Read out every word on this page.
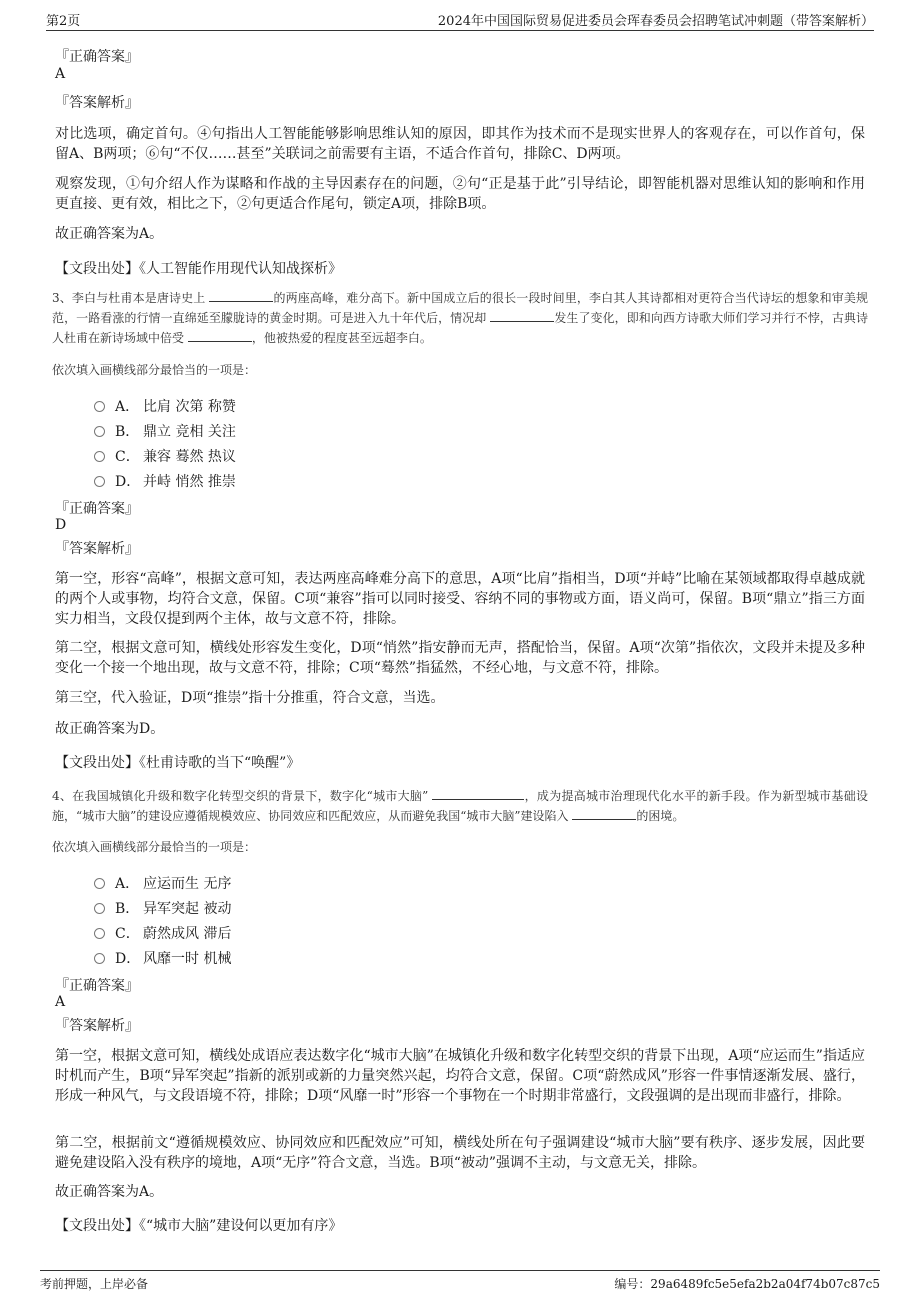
第2页	2024年中国国际贸易促进委员会珲春委员会招聘笔试冲刺题（带答案解析）
『正确答案』
A
『答案解析』
对比选项，确定首句。④句指出人工智能能够影响思维认知的原因，即其作为技术而不是现实世界人的客观存在，可以作首句，保留A、B两项；⑥句“不仅……甚至”关联词之前需要有主语，不适合作首句，排除C、D两项。
观察发现，①句介绍人作为谋略和作战的主导因素存在的问题，②句“正是基于此”引导结论，即智能机器对思维认知的影响和作用更直接、更有效，相比之下，②句更适合作尾句，锁定A项，排除B项。
故正确答案为A。
【文段出处】《人工智能作用现代认知战探析》
3、李白与杜甫本是唐诗史上	的两座高峰，难分高下。新中国成立后的很长一段时间里，李白其人其诗都相对更符合当代诗坛的想象和审美规范，一路看涨的行情一直绵延至朦胧诗的黄金时期。可是进入九十年代后，情况却	发生了变化，即和向西方诗歌大师们学习并行不悖，古典诗人杜甫在新诗场域中倍受	，他被热爱的程度甚至远超李白。
依次填入画横线部分最恰当的一项是：
A． 比肩 次第 称赞
B． 鼎立 竞相 关注
C． 兼容 蓦然 热议
D． 并峙 悄然 推崇
『正确答案』
D
『答案解析』
第一空，形容“高峰”，根据文意可知，表达两座高峰难分高下的意思，A项“比肩”指相当，D项“并峙”比喻在某领域都取得卓越成就的两个人或事物，均符合文意，保留。C项“兼容”指可以同时接受、容纳不同的事物或方面，语义尚可，保留。B项“鼎立”指三方面实力相当，文段仅提到两个主体，故与文意不符，排除。
第二空，根据文意可知，横线处形容发生变化，D项“悄然”指安静而无声，搭配恰当，保留。A项“次第”指依次，文段并未提及多种变化一个接一个地出现，故与文意不符，排除；C项“蓦然”指猛然，不经心地，与文意不符，排除。
第三空，代入验证，D项“推崇”指十分推重，符合文意，当选。
故正确答案为D。
【文段出处】《杜甫诗歌的当下“唤醒”》
4、在我国城镇化升级和数字化转型交织的背景下，数字化“城市大脑”	，成为提高城市治理现代化水平的新手段。作为新型城市基础设施，“城市大脑”的建设应遵循规模效应、协同效应和匹配效应，从而避免我国“城市大脑”建设陷入	的困境。
依次填入画横线部分最恰当的一项是：
A． 应运而生 无序
B． 异军突起 被动
C． 蔚然成风 滞后
D． 风靡一时 机械
『正确答案』
A
『答案解析』
第一空，根据文意可知，横线处成语应表达数字化“城市大脑”在城镇化升级和数字化转型交织的背景下出现，A项“应运而生”指适应时机而产生，B项“异军突起”指新的派别或新的力量突然兴起，均符合文意，保留。C项“蔚然成风”形容一件事情逐渐发展、盛行，形成一种风气，与文段语境不符，排除；D项“风靡一时”形容一个事物在一个时期非常盛行，文段强调的是出现而非盛行，排除。
第二空，根据前文“遵循规模效应、协同效应和匹配效应”可知，横线处所在句子强调建设“城市大脑”要有秩序、逐步发展，因此要避免建设陷入没有秩序的境地，A项“无序”符合文意，当选。B项“被动”强调不主动，与文意无关，排除。
故正确答案为A。
【文段出处】《“城市大脑”建设何以更加有序》
考前押题，上岸必备	编号：29a6489fc5e5efa2b2a04f74b07c87c5
